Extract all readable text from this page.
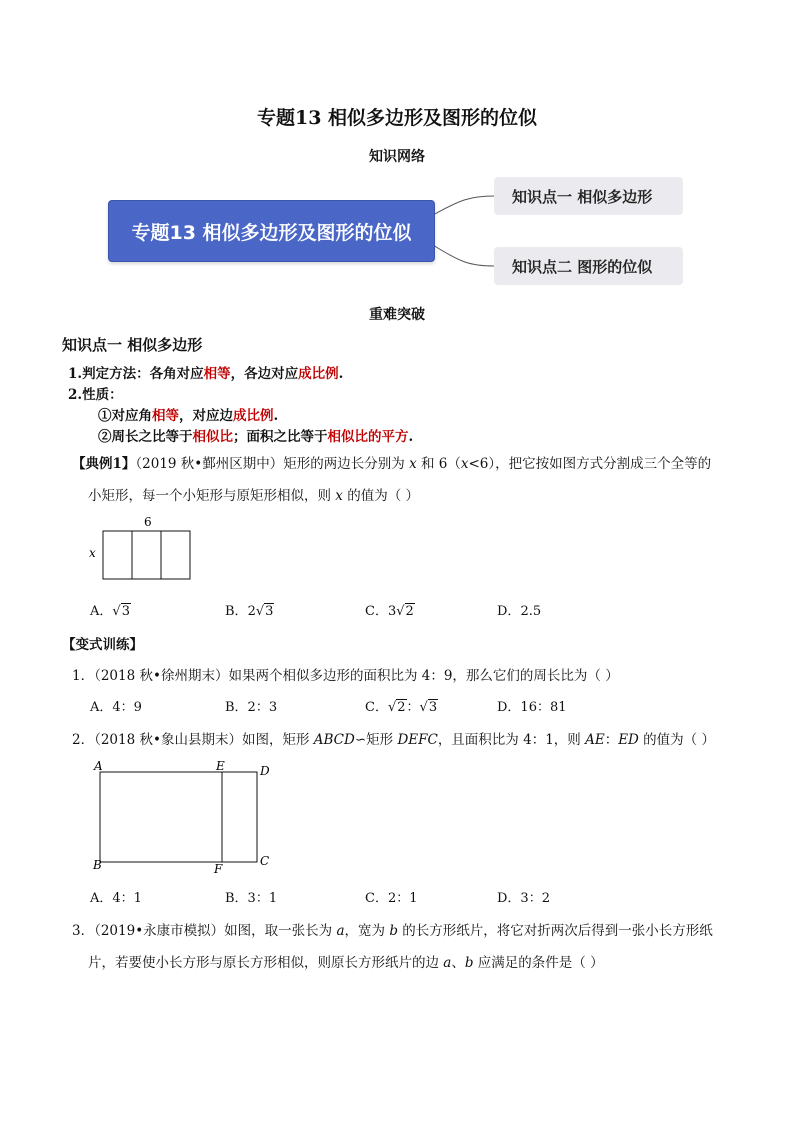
专题13 相似多边形及图形的位似
知识网络
专题13 相似多边形及图形的位似
知识点一 相似多边形
知识点二 图形的位似
重难突破
知识点一 相似多边形
1.判定方法：各角对应相等，各边对应成比例.
2.性质：
①对应角相等，对应边成比例.
②周长之比等于相似比；面积之比等于相似比的平方.
【典例1】（2019 秋•鄞州区期中）矩形的两边长分别为 x 和 6（x<6），把它按如图方式分割成三个全等的
小矩形，每一个小矩形与原矩形相似，则 x 的值为（ ）
6
x
A．√3	B．2√3	C．3√2	D．2.5
【变式训练】
1．（2018 秋•徐州期末）如果两个相似多边形的面积比为 4：9，那么它们的周长比为（ ）
A．4：9	B．2：3	C．√2：√3	D．16：81
2．（2018 秋•象山县期末）如图，矩形 ABCD∽矩形 DEFC，且面积比为 4：1，则 AE：ED 的值为（ ）
A	E	D
B	F
C
A．4：1	B．3：1	C．2：1	D．3：2
3．（2019•永康市模拟）如图，取一张长为 a，宽为 b 的长方形纸片，将它对折两次后得到一张小长方形纸
片，若要使小长方形与原长方形相似，则原长方形纸片的边 a、b 应满足的条件是（ ）
